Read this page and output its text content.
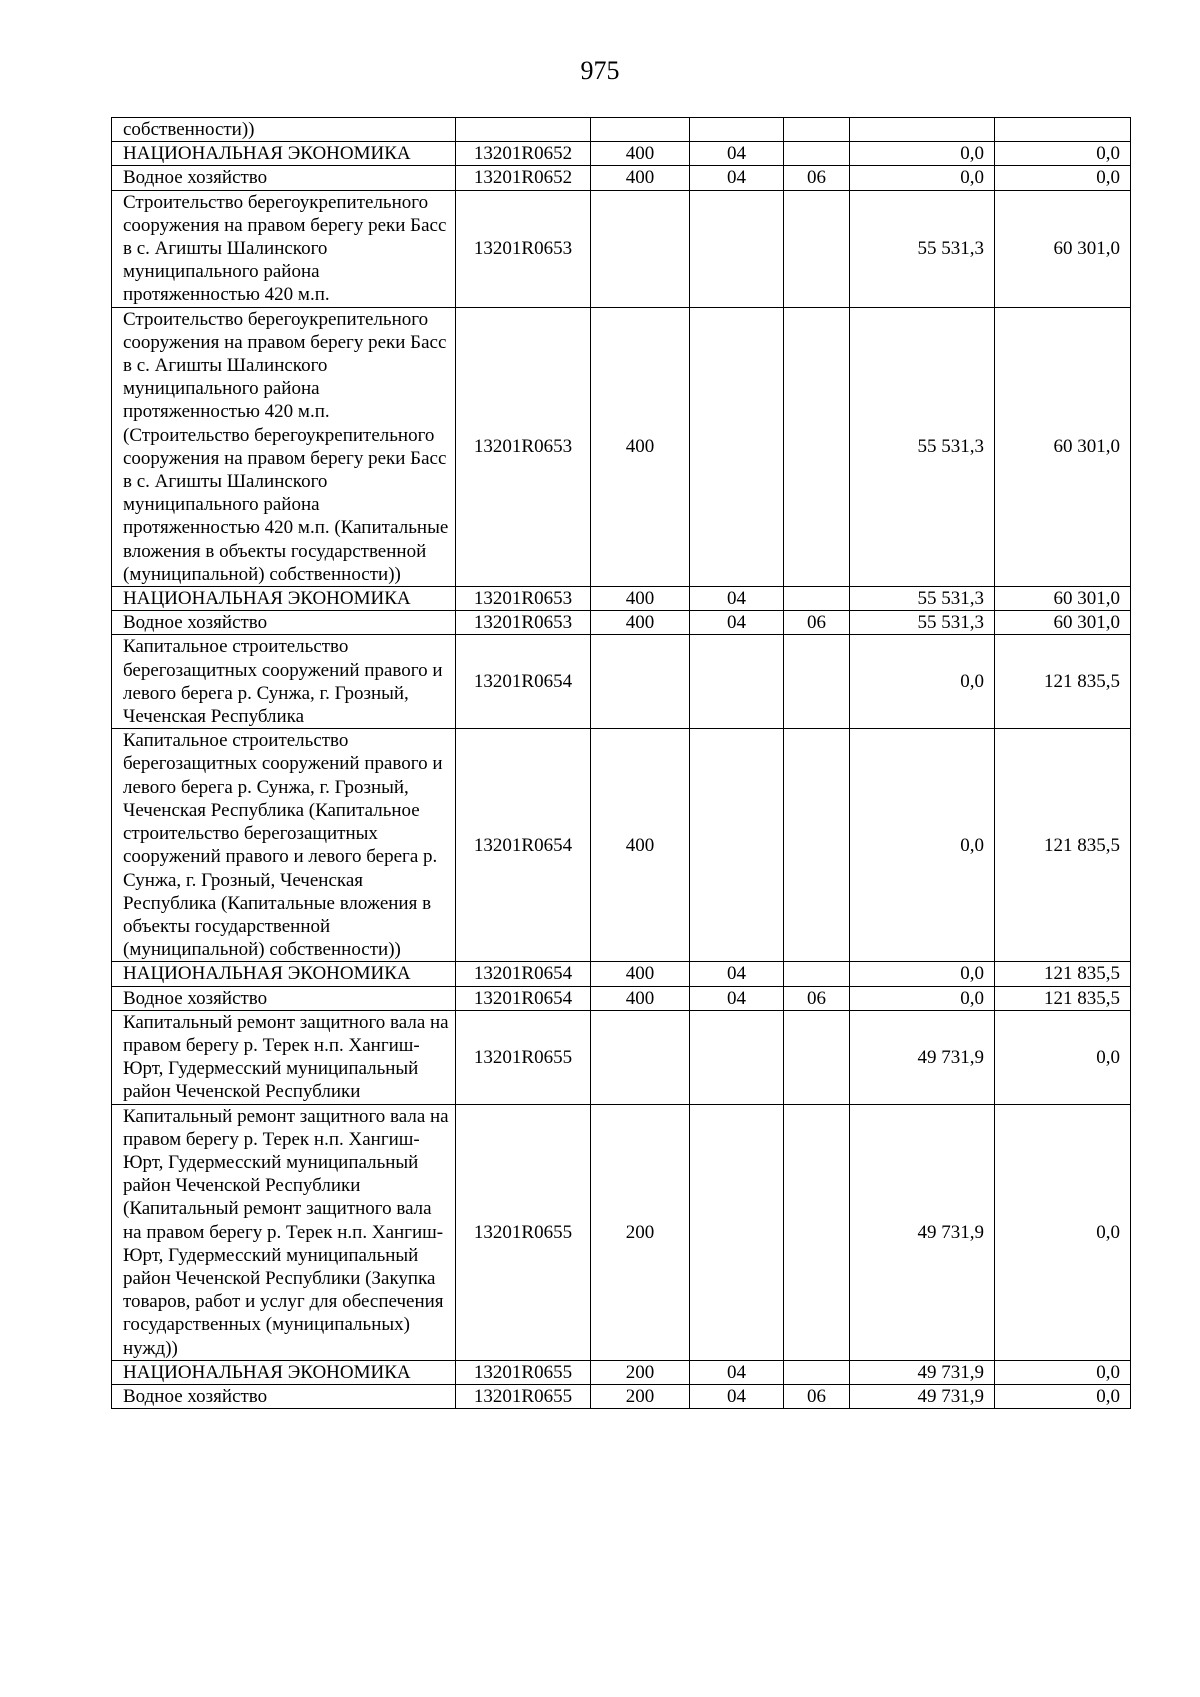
975
собственности))						
НАЦИОНАЛЬНАЯ ЭКОНОМИКА	13201R0652	400	04		0,0	0,0
Водное хозяйство	13201R0652	400	04	06	0,0	0,0
Строительство берегоукрепительного сооружения на правом берегу реки Басс в с. Агишты Шалинского муниципального района протяженностью 420 м.п.	13201R0653				55 531,3	60 301,0
Строительство берегоукрепительного сооружения на правом берегу реки Басс в с. Агишты Шалинского муниципального района протяженностью 420 м.п. (Строительство берегоукрепительного сооружения на правом берегу реки Басс в с. Агишты Шалинского муниципального района протяженностью 420 м.п. (Капитальные вложения в объекты государственной (муниципальной) собственности))	13201R0653	400			55 531,3	60 301,0
НАЦИОНАЛЬНАЯ ЭКОНОМИКА	13201R0653	400	04		55 531,3	60 301,0
Водное хозяйство	13201R0653	400	04	06	55 531,3	60 301,0
Капитальное строительство берегозащитных сооружений правого и левого берега р. Сунжа, г. Грозный, Чеченская Республика	13201R0654				0,0	121 835,5
Капитальное строительство берегозащитных сооружений правого и левого берега р. Сунжа, г. Грозный, Чеченская Республика (Капитальное строительство берегозащитных сооружений правого и левого берега р. Сунжа, г. Грозный, Чеченская Республика (Капитальные вложения в объекты государственной (муниципальной) собственности))	13201R0654	400			0,0	121 835,5
НАЦИОНАЛЬНАЯ ЭКОНОМИКА	13201R0654	400	04		0,0	121 835,5
Водное хозяйство	13201R0654	400	04	06	0,0	121 835,5
Капитальный ремонт защитного вала на правом берегу р. Терек н.п. Хангиш-Юрт, Гудермесский муниципальный район Чеченской Республики	13201R0655				49 731,9	0,0
Капитальный ремонт защитного вала на правом берегу р. Терек н.п. Хангиш-Юрт, Гудермесский муниципальный район Чеченской Республики (Капитальный ремонт защитного вала на правом берегу р. Терек н.п. Хангиш-Юрт, Гудермесский муниципальный район Чеченской Республики (Закупка товаров, работ и услуг для обеспечения государственных (муниципальных) нужд))	13201R0655	200			49 731,9	0,0
НАЦИОНАЛЬНАЯ ЭКОНОМИКА	13201R0655	200	04		49 731,9	0,0
Водное хозяйство	13201R0655	200	04	06	49 731,9	0,0
